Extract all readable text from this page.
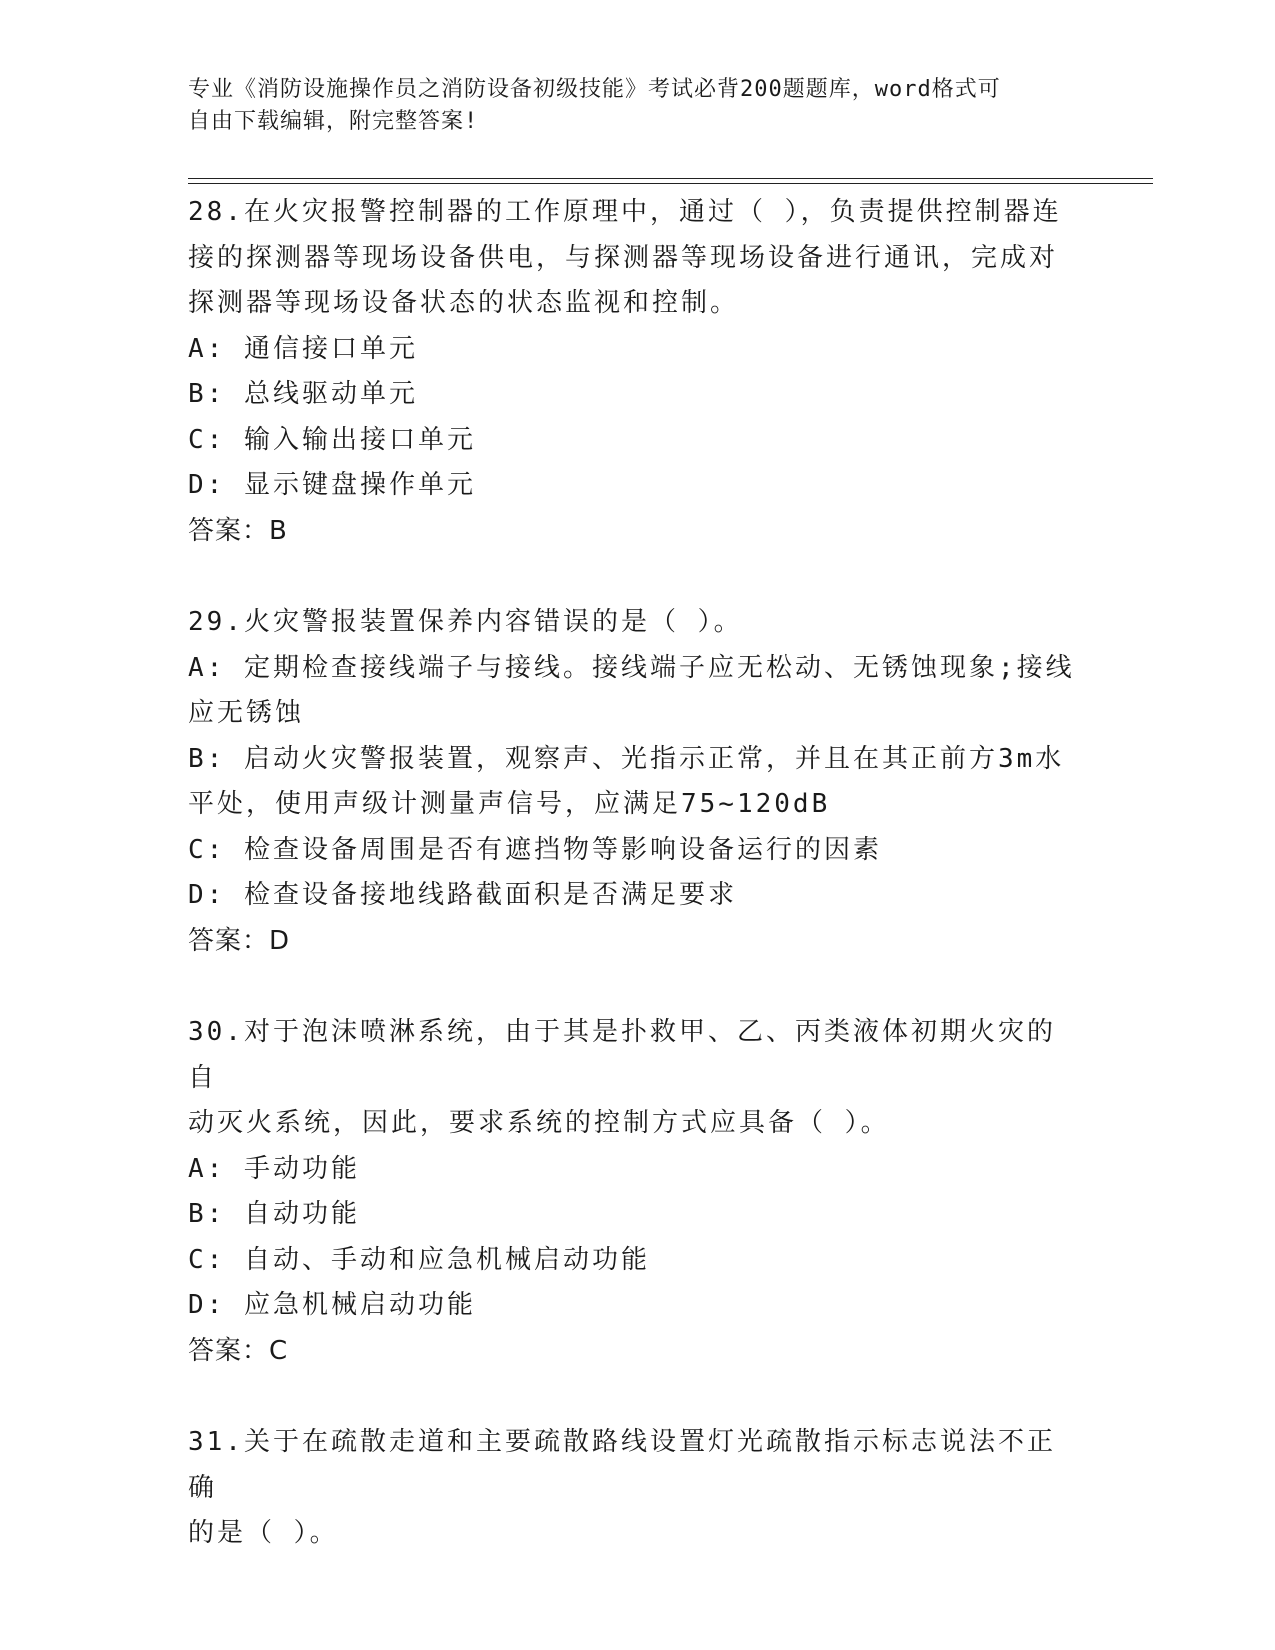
专业《消防设施操作员之消防设备初级技能》考试必背200题题库，word格式可
自由下载编辑，附完整答案!

28.在火灾报警控制器的工作原理中，通过（ ），负责提供控制器连

接的探测器等现场设备供电，与探测器等现场设备进行通讯，完成对

探测器等现场设备状态的状态监视和控制。

A: 通信接口单元

B: 总线驱动单元

C: 输入输出接口单元

D: 显示键盘操作单元

答案：B

29.火灾警报装置保养内容错误的是（ ）。

A: 定期检查接线端子与接线。接线端子应无松动、无锈蚀现象;接线

应无锈蚀

B: 启动火灾警报装置，观察声、光指示正常，并且在其正前方3m水

平处，使用声级计测量声信号，应满足75~120dB

C: 检查设备周围是否有遮挡物等影响设备运行的因素

D: 检查设备接地线路截面积是否满足要求

答案：D

30.对于泡沫喷淋系统，由于其是扑救甲、乙、丙类液体初期火灾的自

动灭火系统，因此，要求系统的控制方式应具备（ ）。

A: 手动功能

B: 自动功能

C: 自动、手动和应急机械启动功能

D: 应急机械启动功能

答案：C

31.关于在疏散走道和主要疏散路线设置灯光疏散指示标志说法不正确

的是（ ）。
